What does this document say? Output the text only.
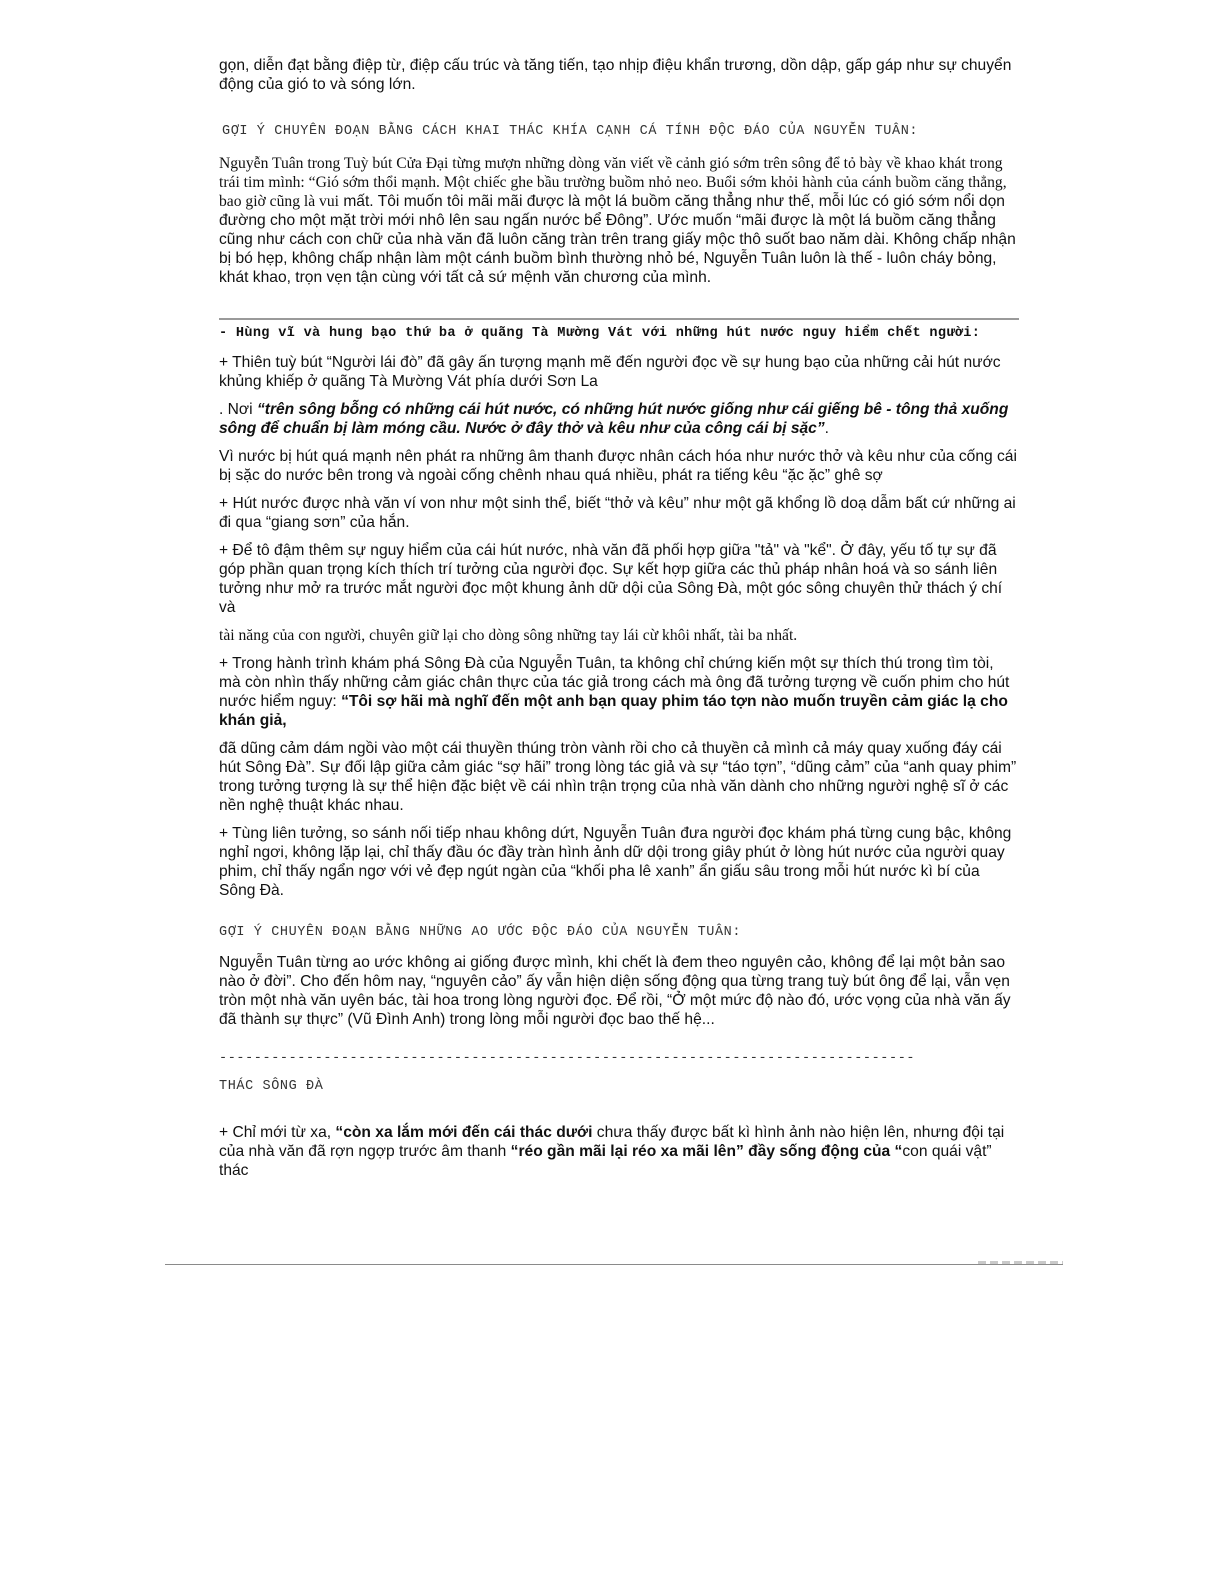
gọn, diễn đạt bằng điệp từ, điệp cấu trúc và tăng tiến, tạo nhịp điệu khẩn trương, dồn dập, gấp gáp như sự chuyển động của gió to và sóng lớn.

GỢI Ý CHUYÊN ĐOẠN BẰNG CÁCH KHAI THÁC KHÍA CẠNH CÁ TÍNH ĐỘC ĐÁO CỦA NGUYỄN TUÂN:

Nguyễn Tuân trong Tuỳ bút Cửa Đại từng mượn những dòng văn viết về cảnh gió sớm trên sông để tỏ bày về khao khát trong trái tim mình: “Gió sớm thổi mạnh. Một chiếc ghe bầu trường buồm nhỏ neo. Buổi sớm khỏi hành của cánh buồm căng thẳng, bao giờ cũng là vui mất. Tôi muốn tôi mãi mãi được là một lá buồm căng thẳng như thế, mỗi lúc có gió sớm nổi dọn đường cho một mặt trời mới nhô lên sau ngấn nước bể Đông”. Ước muốn “mãi được là một lá buồm căng thẳng cũng như cách con chữ của nhà văn đã luôn căng tràn trên trang giấy mộc thô suốt bao năm dài. Không chấp nhận bị bó hẹp, không chấp nhận làm một cánh buồm bình thường nhỏ bé, Nguyễn Tuân luôn là thế - luôn cháy bỏng, khát khao, trọn vẹn tận cùng với tất cả sứ mệnh văn chương của mình.

- Hùng vĩ và hung bạo thứ ba ở quãng Tà Mường Vát với những hút nước nguy hiểm chết người:

+ Thiên tuỳ bút “Người lái đò” đã gây ấn tượng mạnh mẽ đến người đọc về sự hung bạo của những cải hút nước khủng khiếp ở quãng Tà Mường Vát phía dưới Sơn La

. Nơi “trên sông bỗng có những cái hút nước, có những hút nước giống như cái giếng bê - tông thả xuống sông để chuẩn bị làm móng cầu. Nước ở đây thở và kêu như của công cái bị sặc”.

Vì nước bị hút quá mạnh nên phát ra những âm thanh được nhân cách hóa như nước thở và kêu như của cống cái bị sặc do nước bên trong và ngoài cống chênh nhau quá nhiều, phát ra tiếng kêu “ặc ặc” ghê sợ

+ Hút nước được nhà văn ví von như một sinh thể, biết “thở và kêu” như một gã khổng lồ doạ dẫm bất cứ những ai đi qua “giang sơn” của hắn.

+ Để tô đậm thêm sự nguy hiểm của cái hút nước, nhà văn đã phối hợp giữa "tả" và "kể". Ở đây, yếu tố tự sự đã góp phần quan trọng kích thích trí tưởng của người đọc. Sự kết hợp giữa các thủ pháp nhân hoá và so sánh liên tưởng như mở ra trước mắt người đọc một khung ảnh dữ dội của Sông Đà, một góc sông chuyên thử thách ý chí và

tài năng của con người, chuyên giữ lại cho dòng sông những tay lái cừ khôi nhất, tài ba nhất.

+ Trong hành trình khám phá Sông Đà của Nguyễn Tuân, ta không chỉ chứng kiến một sự thích thú trong tìm tòi, mà còn nhìn thấy những cảm giác chân thực của tác giả trong cách mà ông đã tưởng tượng về cuốn phim cho hút nước hiểm nguy: “Tôi sợ hãi mà nghĩ đến một anh bạn quay phim táo tợn nào muốn truyền cảm giác lạ cho khán giả,

đã dũng cảm dám ngồi vào một cái thuyền thúng tròn vành rồi cho cả thuyền cả mình cả máy quay xuống đáy cái hút Sông Đà”. Sự đối lập giữa cảm giác “sợ hãi” trong lòng tác giả và sự “táo tợn”, “dũng cảm” của “anh quay phim” trong tưởng tượng là sự thể hiện đặc biệt về cái nhìn trận trọng của nhà văn dành cho những người nghệ sĩ ở các nền nghệ thuật khác nhau.

+ Tùng liên tưởng, so sánh nối tiếp nhau không dứt, Nguyễn Tuân đưa người đọc khám phá từng cung bậc, không nghỉ ngơi, không lặp lại, chỉ thấy đầu óc đầy tràn hình ảnh dữ dội trong giây phút ở lòng hút nước của người quay phim, chỉ thấy ngẩn ngơ với vẻ đẹp ngút ngàn của “khối pha lê xanh” ẩn giấu sâu trong mỗi hút nước kì bí của Sông Đà.

GỢI Ý CHUYÊN ĐOẠN BẰNG NHỮNG AO ƯỚC ĐỘC ĐÁO CỦA NGUYỄN TUÂN:

Nguyễn Tuân từng ao ước không ai giống được mình, khi chết là đem theo nguyên cảo, không để lại một bản sao nào ở đời”. Cho đến hôm nay, “nguyên cảo” ấy vẫn hiện diện sống động qua từng trang tuỳ bút ông để lại, vẫn vẹn tròn một nhà văn uyên bác, tài hoa trong lòng người đọc. Để rồi, “Ở một mức độ nào đó, ước vọng của nhà văn ấy đã thành sự thực” (Vũ Đình Anh) trong lòng mỗi người đọc bao thế hệ...

--------------------------------------------------------------------------------

THÁC SÔNG ĐÀ

+ Chỉ mới từ xa, “còn xa lắm mới đến cái thác dưới chưa thấy được bất kì hình ảnh nào hiện lên, nhưng đội tại của nhà văn đã rợn ngợp trước âm thanh “réo gần mãi lại réo xa mãi lên” đầy sống động của “con quái vật” thác
